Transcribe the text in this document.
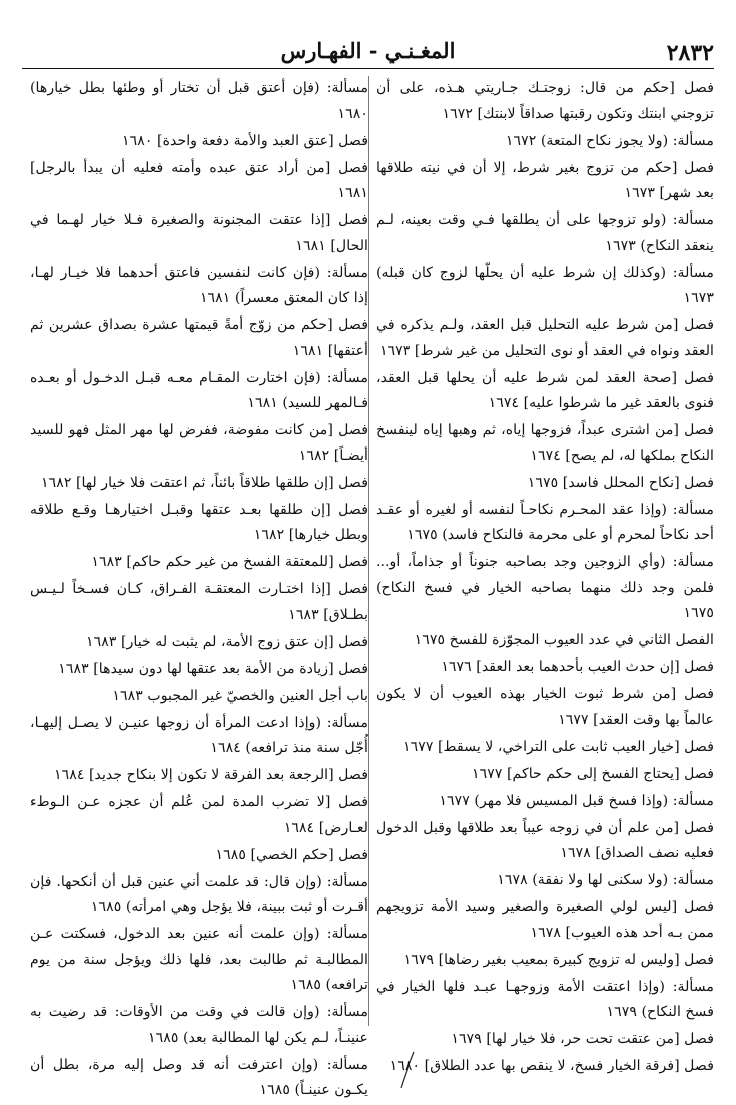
٢٨٣٢
المغـنـي - الفهـارس

فصل [حكم من قال: زوجتـك جـاريتي هـذه، على أن تزوجني ابنتك وتكون رقبتها صداقاً لابنتك] ١٦٧٢

مسألة: (ولا يجوز نكاح المتعة) ١٦٧٢

فصل [حكم من تزوج بغير شرط، إلا أن في نيته طلاقها بعد شهر] ١٦٧٣

مسألة: (ولو تزوجها على أن يطلقها فـي وقت بعينه، لـم ينعقد النكاح) ١٦٧٣

مسألة: (وكذلك إن شرط عليه أن يحلّها لزوج كان قبله) ١٦٧٣

فصل [من شرط عليه التحليل قبل العقد، ولـم يذكره في العقد ونواه في العقد أو نوى التحليل من غير شرط] ١٦٧٣

فصل [صحة العقد لمن شرط عليه أن يحلها قبل العقد، فنوى بالعقد غير ما شرطوا عليه] ١٦٧٤

فصل [من اشترى عبداً، فزوجها إياه، ثم وهبها إياه لينفسخ النكاح بملكها له، لم يصح] ١٦٧٤

فصل [نكاح المحلل فاسد] ١٦٧٥

مسألة: (وإذا عقد المحـرم نكاحـاً لنفسه أو لغيره أو عقـد أحد نكاحاً لمحرم أو على محرمة فالنكاح فاسد) ١٦٧٥

مسألة: (وأي الزوجين وجد بصاحبه جنوناً أو جذاماً، أو... فلمن وجد ذلك منهما بصاحبه الخيار في فسخ النكاح) ١٦٧٥

الفصل الثاني في عدد العيوب المجوّزة للفسخ ١٦٧٥

فصل [إن حدث العيب بأحدهما بعد العقد] ١٦٧٦

فصل [من شرط ثبوت الخيار بهذه العيوب أن لا يكون عالماً بها وقت العقد] ١٦٧٧

فصل [خيار العيب ثابت على التراخي، لا يسقط] ١٦٧٧

فصل [يحتاج الفسخ إلى حكم حاكم] ١٦٧٧

مسألة: (وإذا فسخ قبل المسيس فلا مهر) ١٦٧٧

فصل [من علم أن في زوجه عيباً بعد طلاقها وقبل الدخول فعليه نصف الصداق] ١٦٧٨

مسألة: (ولا سكنى لها ولا نفقة) ١٦٧٨

فصل [ليس لولي الصغيرة والصغير وسيد الأمة تزويجهم ممن بـه أحد هذه العيوب] ١٦٧٨

فصل [وليس له تزويج كبيرة بمعيب بغير رضاها] ١٦٧٩

مسألة: (وإذا اعتقت الأمة وزوجهـا عبـد فلها الخيار في فسخ النكاح) ١٦٧٩

فصل [من عتقت تحت حر، فلا خيار لها] ١٦٧٩

فصل [فرقة الخيار فسخ، لا ينقص بها عدد الطلاق] ١٦٨٠

مسألة: (فإن أعتق قبل أن تختار أو وطئها بطل خيارها) ١٦٨٠

فصل [عتق العبد والأمة دفعة واحدة] ١٦٨٠

فصل [من أراد عتق عبده وأمته فعليه أن يبدأ بالرجل] ١٦٨١

فصل [إذا عتقت المجنونة والصغيرة فـلا خيار لهـما في الحال] ١٦٨١

مسألة: (فإن كانت لنفسين فاعتق أحدهما فلا خيـار لهـا، إذا كان المعتق معسراً) ١٦٨١

فصل [حكم من زوّج أمةً قيمتها عشرة بصداق عشرين ثم أعتقها] ١٦٨١

مسألة: (فإن اختارت المقـام معـه قبـل الدخـول أو بعـده فـالمهر للسيد) ١٦٨١

فصل [من كانت مفوضة، ففرض لها مهر المثل فهو للسيد أيضـاً] ١٦٨٢

فصل [إن طلقها طلاقاً بائناً، ثم اعتقت فلا خيار لها] ١٦٨٢

فصل [إن طلقها بعـد عتقها وقبـل اختيارهـا وقـع طلاقه وبطل خيارها] ١٦٨٢

فصل [للمعتقة الفسخ من غير حكم حاكم] ١٦٨٣

فصل [إذا اختـارت المعتقـة الفـراق، كـان فسـخاً لـيـس بطـلاق] ١٦٨٣

فصل [إن عتق زوج الأمة، لم يثبت له خيار] ١٦٨٣

فصل [زيادة من الأمة بعد عتقها لها دون سيدها] ١٦٨٣

باب أجل العنين والخصيّ غير المجبوب ١٦٨٣

مسألة: (وإذا ادعت المرأة أن زوجها عنيـن لا يصـل إليهـا، أُجّل سنة منذ ترافعه) ١٦٨٤

فصل [الرجعة بعد الفرقة لا تكون إلا بنكاح جديد] ١٦٨٤

فصل [لا تضرب المدة لمن عُلم أن عجزه عـن الـوطء لعـارض] ١٦٨٤

فصل [حكم الخصي] ١٦٨٥

مسألة: (وإن قال: قد علمت أني عنين قبل أن أنكحها. فإن أقـرت أو ثبت ببينة، فلا يؤجل وهي امرأته) ١٦٨٥

مسألة: (وإن علمت أنه عنين بعد الدخول، فسكتت عـن المطالبـة ثم طالبت بعد، فلها ذلك ويؤجل سنة من يوم ترافعه) ١٦٨٥

مسألة: (وإن قالت في وقت من الأوقات: قد رضيت به عنينـاً، لـم يكن لها المطالبة بعد) ١٦٨٥

مسألة: (وإن اعترفت أنه قد وصل إليه مرة، بطل أن يكـون عنينـاً) ١٦٨٥
